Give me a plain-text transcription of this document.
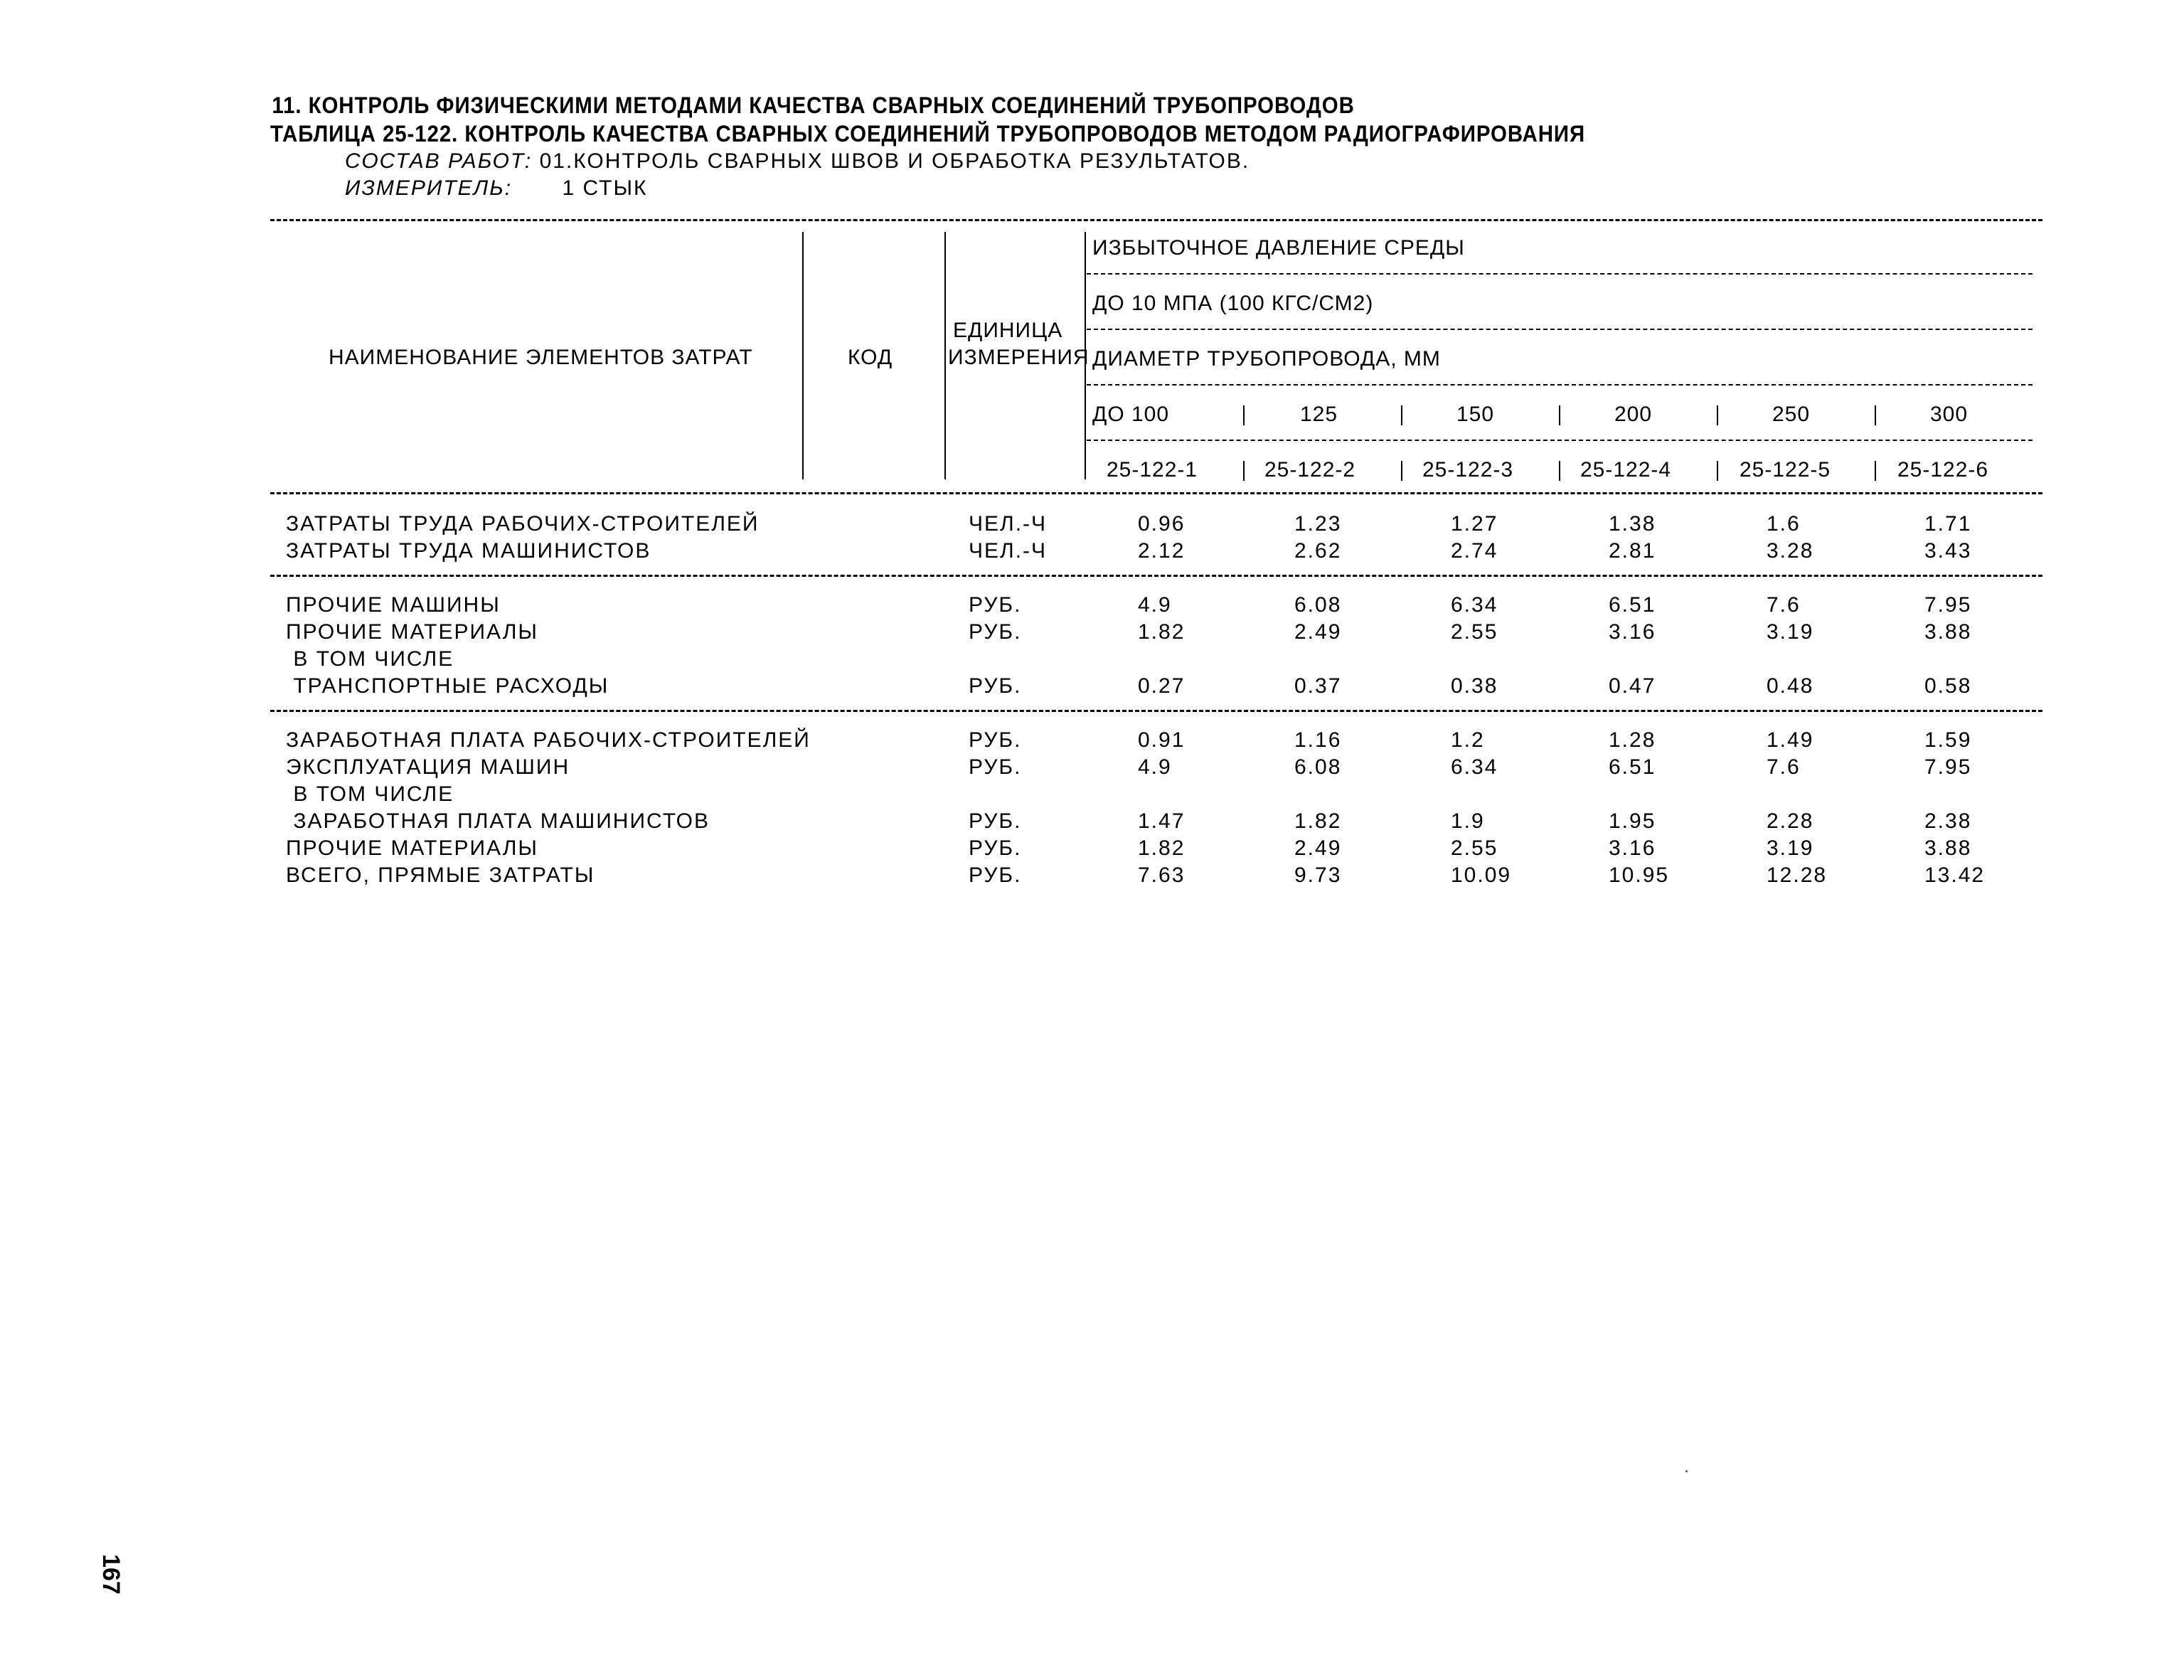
11. КОНТРОЛЬ ФИЗИЧЕСКИМИ МЕТОДАМИ КАЧЕСТВА СВАРНЫХ СОЕДИНЕНИЙ ТРУБОПРОВОДОВ
ТАБЛИЦА 25-122. КОНТРОЛЬ КАЧЕСТВА СВАРНЫХ СОЕДИНЕНИЙ ТРУБОПРОВОДОВ МЕТОДОМ РАДИОГРАФИРОВАНИЯ
СОСТАВ РАБОТ: 01.КОНТРОЛЬ СВАРНЫХ ШВОВ И ОБРАБОТКА РЕЗУЛЬТАТОВ.
ИЗМЕРИТЕЛЬ: 1 СТЫК
НАИМЕНОВАНИЕ ЭЛЕМЕНТОВ ЗАТРАТ	КОД
ЕДИНИЦА
ИЗМЕРЕНИЯ
ИЗБЫТОЧНОЕ ДАВЛЕНИЕ СРЕДЫ
ДО 10 МПА (100 КГС/СМ2)
ДИАМЕТР ТРУБОПРОВОДА, ММ
ДО 100	125	150	200	250	300
25-122-1	25-122-2	25-122-3	25-122-4	25-122-5	25-122-6
ЗАТРАТЫ ТРУДА РАБОЧИХ-СТРОИТЕЛЕЙ	ЧЕЛ.-Ч	0.96	1.23	1.27	1.38	1.6	1.71
ЗАТРАТЫ ТРУДА МАШИНИСТОВ	ЧЕЛ.-Ч	2.12	2.62	2.74	2.81	3.28	3.43
ПРОЧИЕ МАШИНЫ	РУБ.	4.9	6.08	6.34	6.51	7.6	7.95
ПРОЧИЕ МАТЕРИАЛЫ	РУБ.	1.82	2.49	2.55	3.16	3.19	3.88
В ТОМ ЧИСЛЕ
ТРАНСПОРТНЫЕ РАСХОДЫ	РУБ.	0.27	0.37	0.38	0.47	0.48	0.58
ЗАРАБОТНАЯ ПЛАТА РАБОЧИХ-СТРОИТЕЛЕЙ	РУБ.	0.91	1.16	1.2	1.28	1.49	1.59
ЭКСПЛУАТАЦИЯ МАШИН	РУБ.	4.9	6.08	6.34	6.51	7.6	7.95
В ТОМ ЧИСЛЕ
ЗАРАБОТНАЯ ПЛАТА МАШИНИСТОВ	РУБ.	1.47	1.82	1.9	1.95	2.28	2.38
ПРОЧИЕ МАТЕРИАЛЫ	РУБ.	1.82	2.49	2.55	3.16	3.19	3.88
ВСЕГО, ПРЯМЫЕ ЗАТРАТЫ	РУБ.	7.63	9.73	10.09	10.95	12.28	13.42
167
